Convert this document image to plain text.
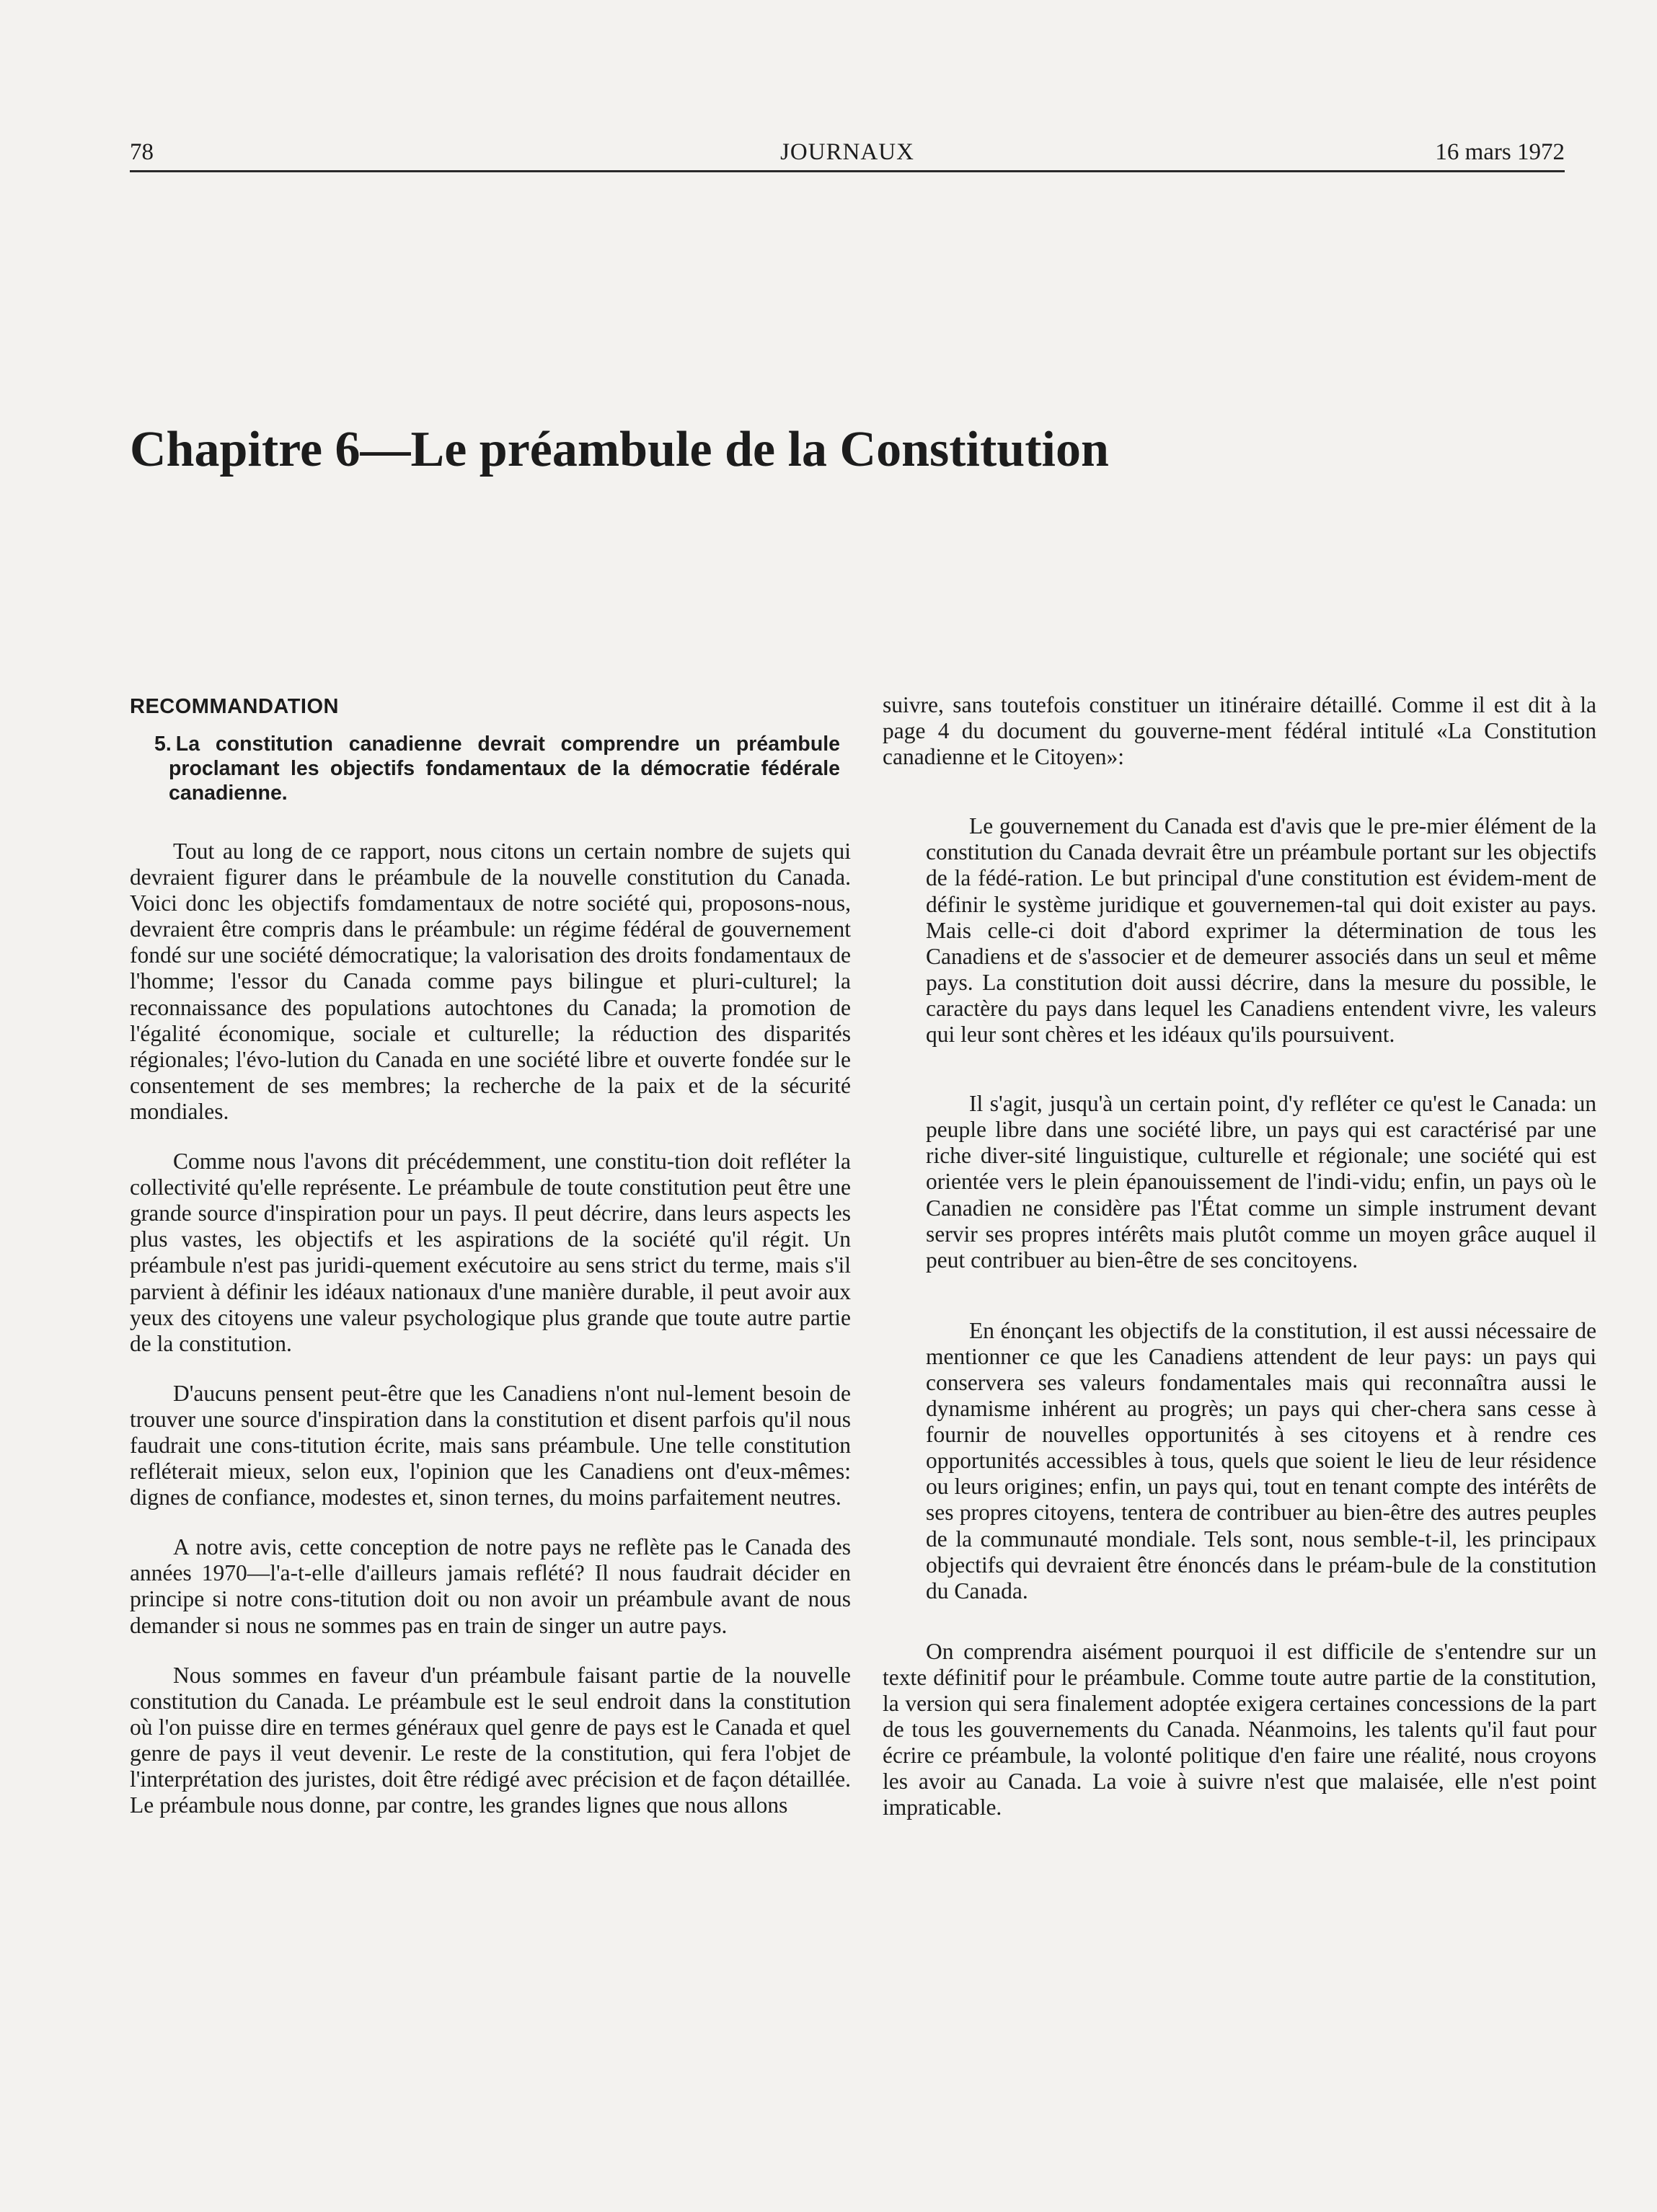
78	JOURNAUX	16 mars 1972
Chapitre 6—Le préambule de la Constitution
RECOMMANDATION

5. La constitution canadienne devrait comprendre un préambule proclamant les objectifs fondamentaux de la démocratie fédérale canadienne.

Tout au long de ce rapport, nous citons un certain nombre de sujets qui devraient figurer dans le préambule de la nouvelle constitution du Canada. Voici donc les objectifs fomdamentaux de notre société qui, proposons-nous, devraient être compris dans le préambule: un régime fédéral de gouvernement fondé sur une société démocratique; la valorisation des droits fondamentaux de l'homme; l'essor du Canada comme pays bilingue et pluri-culturel; la reconnaissance des populations autochtones du Canada; la promotion de l'égalité économique, sociale et culturelle; la réduction des disparités régionales; l'évo-lution du Canada en une société libre et ouverte fondée sur le consentement de ses membres; la recherche de la paix et de la sécurité mondiales.

Comme nous l'avons dit précédemment, une constitu-tion doit refléter la collectivité qu'elle représente. Le préambule de toute constitution peut être une grande source d'inspiration pour un pays. Il peut décrire, dans leurs aspects les plus vastes, les objectifs et les aspirations de la société qu'il régit. Un préambule n'est pas juridi-quement exécutoire au sens strict du terme, mais s'il parvient à définir les idéaux nationaux d'une manière durable, il peut avoir aux yeux des citoyens une valeur psychologique plus grande que toute autre partie de la constitution.

D'aucuns pensent peut-être que les Canadiens n'ont nul-lement besoin de trouver une source d'inspiration dans la constitution et disent parfois qu'il nous faudrait une cons-titution écrite, mais sans préambule. Une telle constitution refléterait mieux, selon eux, l'opinion que les Canadiens ont d'eux-mêmes: dignes de confiance, modestes et, sinon ternes, du moins parfaitement neutres.

A notre avis, cette conception de notre pays ne reflète pas le Canada des années 1970—l'a-t-elle d'ailleurs jamais reflété? Il nous faudrait décider en principe si notre cons-titution doit ou non avoir un préambule avant de nous demander si nous ne sommes pas en train de singer un autre pays.

Nous sommes en faveur d'un préambule faisant partie de la nouvelle constitution du Canada. Le préambule est le seul endroit dans la constitution où l'on puisse dire en termes généraux quel genre de pays est le Canada et quel genre de pays il veut devenir. Le reste de la constitution, qui fera l'objet de l'interprétation des juristes, doit être rédigé avec précision et de façon détaillée. Le préambule nous donne, par contre, les grandes lignes que nous allons

suivre, sans toutefois constituer un itinéraire détaillé. Comme il est dit à la page 4 du document du gouverne-ment fédéral intitulé «La Constitution canadienne et le Citoyen»:

Le gouvernement du Canada est d'avis que le pre-mier élément de la constitution du Canada devrait être un préambule portant sur les objectifs de la fédé-ration. Le but principal d'une constitution est évidem-ment de définir le système juridique et gouvernemen-tal qui doit exister au pays. Mais celle-ci doit d'abord exprimer la détermination de tous les Canadiens et de s'associer et de demeurer associés dans un seul et même pays. La constitution doit aussi décrire, dans la mesure du possible, le caractère du pays dans lequel les Canadiens entendent vivre, les valeurs qui leur sont chères et les idéaux qu'ils poursuivent.

Il s'agit, jusqu'à un certain point, d'y refléter ce qu'est le Canada: un peuple libre dans une société libre, un pays qui est caractérisé par une riche diver-sité linguistique, culturelle et régionale; une société qui est orientée vers le plein épanouissement de l'indi-vidu; enfin, un pays où le Canadien ne considère pas l'État comme un simple instrument devant servir ses propres intérêts mais plutôt comme un moyen grâce auquel il peut contribuer au bien-être de ses concitoyens.

En énonçant les objectifs de la constitution, il est aussi nécessaire de mentionner ce que les Canadiens attendent de leur pays: un pays qui conservera ses valeurs fondamentales mais qui reconnaîtra aussi le dynamisme inhérent au progrès; un pays qui cher-chera sans cesse à fournir de nouvelles opportunités à ses citoyens et à rendre ces opportunités accessibles à tous, quels que soient le lieu de leur résidence ou leurs origines; enfin, un pays qui, tout en tenant compte des intérêts de ses propres citoyens, tentera de contribuer au bien-être des autres peuples de la communauté mondiale. Tels sont, nous semble-t-il, les principaux objectifs qui devraient être énoncés dans le préam-bule de la constitution du Canada.

On comprendra aisément pourquoi il est difficile de s'entendre sur un texte définitif pour le préambule. Comme toute autre partie de la constitution, la version qui sera finalement adoptée exigera certaines concessions de la part de tous les gouvernements du Canada. Néanmoins, les talents qu'il faut pour écrire ce préambule, la volonté politique d'en faire une réalité, nous croyons les avoir au Canada. La voie à suivre n'est que malaisée, elle n'est point impraticable.
